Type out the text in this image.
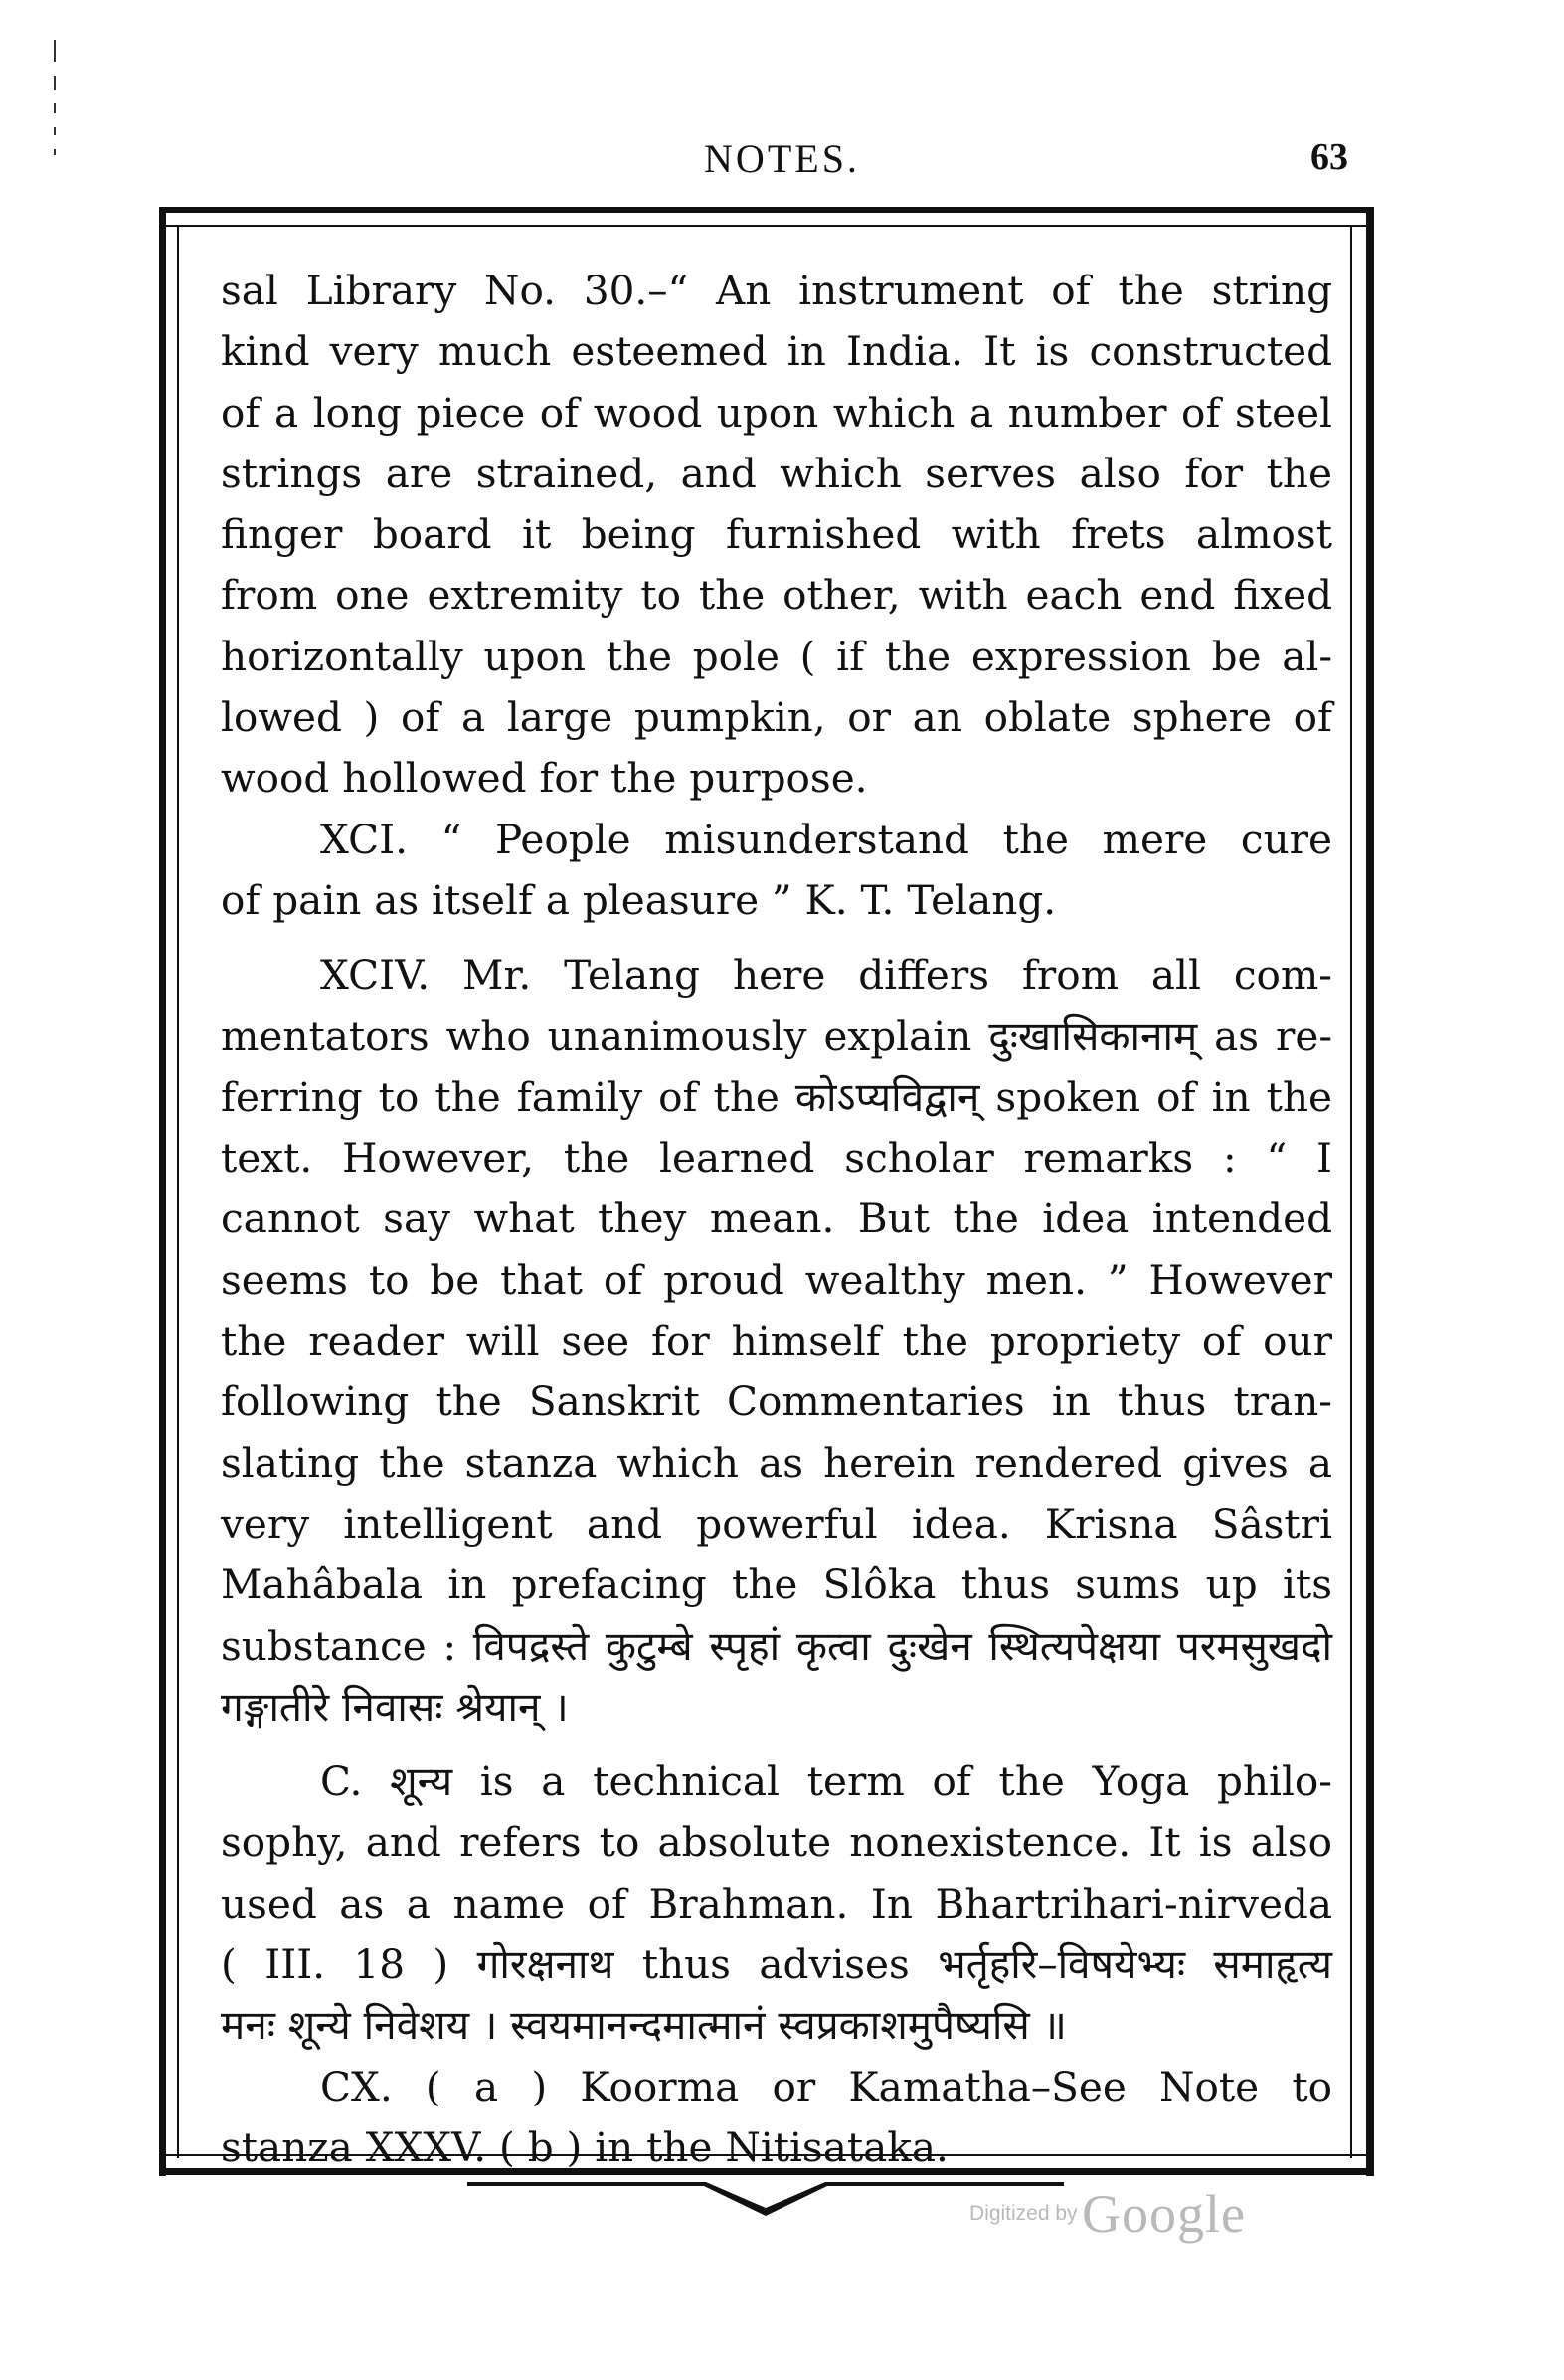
NOTES.	63

sal Library No. 30.–“ An instrument of the string

kind very much esteemed in India. It is constructed

of a long piece of wood upon which a number of steel

strings are strained, and which serves also for the

finger board it being furnished with frets almost

from one extremity to the other, with each end fixed

horizontally upon the pole ( if the expression be al-

lowed ) of a large pumpkin, or an oblate sphere of

wood hollowed for the purpose.

XCI. “ People misunderstand the mere cure

of pain as itself a pleasure ” K. T. Telang.

XCIV. Mr. Telang here differs from all com-

mentators who unanimously explain दुःखासिकानाम् as re-

ferring to the family of the कोऽप्यविद्वान् spoken of in the

text. However, the learned scholar remarks : “ I

cannot say what they mean. But the idea intended

seems to be that of proud wealthy men. ” However

the reader will see for himself the propriety of our

following the Sanskrit Commentaries in thus tran-

slating the stanza which as herein rendered gives a

very intelligent and powerful idea. Krisna Sâstri

Mahâbala in prefacing the Slôka thus sums up its

substance : विपद्रस्ते कुटुम्बे स्पृहां कृत्वा दुःखेन स्थित्यपेक्षया परमसुखदो

गङ्गातीरे निवासः श्रेयान् ।

C. शून्य is a technical term of the Yoga philo-

sophy, and refers to absolute nonexistence. It is also

used as a name of Brahman. In Bhartrihari-nirveda

( III. 18 ) गोरक्षनाथ thus advises भर्तृहरि–विषयेभ्यः समाहृत्य

मनः शून्ये निवेशय । स्वयमानन्दमात्मानं स्वप्रकाशमुपैष्यसि ॥

CX. ( a ) Koorma or Kamatha–See Note to

stanza XXXV. ( b ) in the Nitisataka.

Digitized by Google
